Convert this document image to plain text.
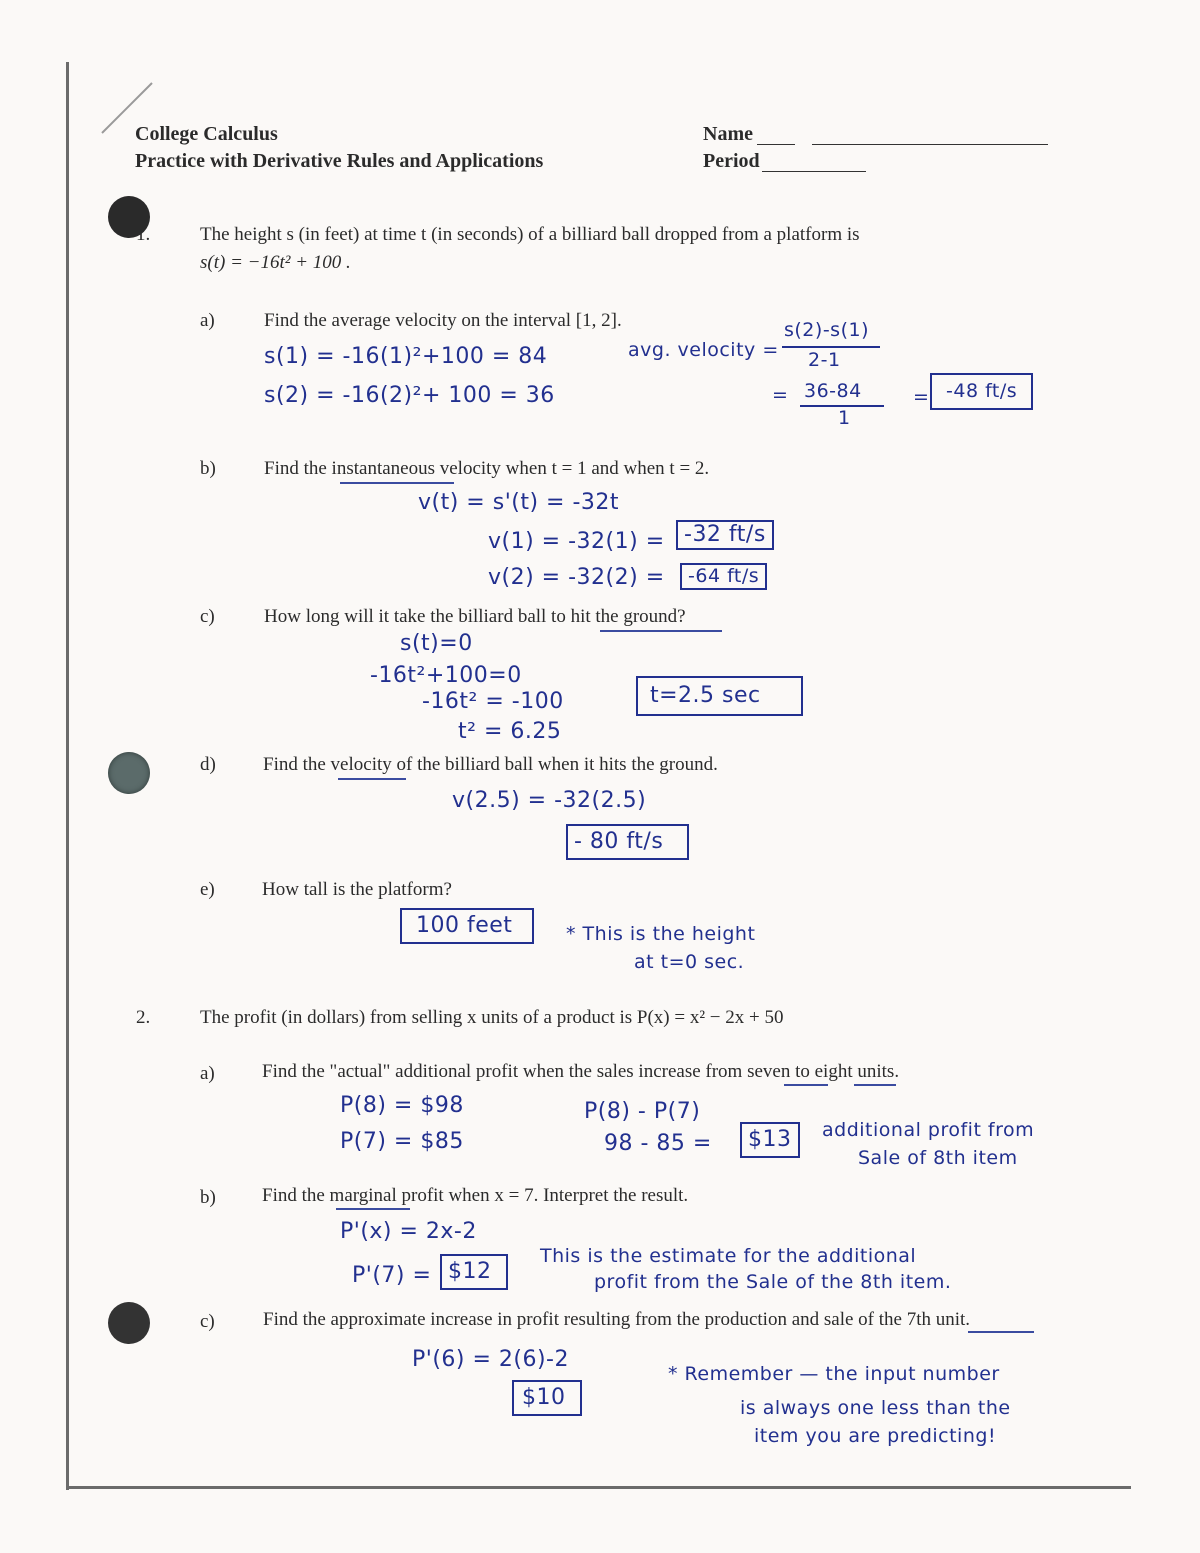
College Calculus
Practice with Derivative Rules and Applications
Name
Period
1.	The height s (in feet) at time t (in seconds) of a billiard ball dropped from a platform is
s(t) = −16t² + 100 .
a)	Find the average velocity on the interval [1, 2].
s(1) = -16(1)²+100 = 84
s(2) = -16(2)²+ 100 = 36
avg. velocity =
s(2)-s(1)
2-1
= 36-84
1
= -48 ft/s
b)	Find the instantaneous velocity when t = 1 and when t = 2.
v(t) = s'(t) = -32t
v(1) = -32(1) = -32 ft/s
v(2) = -32(2) =	-64 ft/s
c)	How long will it take the billiard ball to hit the ground?
s(t)=0
-16t²+100=0
-16t² = -100
t² = 6.25
t=2.5 sec
d) Find the velocity of the billiard ball when it hits the ground.
v(2.5) = -32(2.5)
- 80 ft/s
e) How tall is the platform?
100 feet	* This is the height
at t=0 sec.
2.	The profit (in dollars) from selling x units of a product is P(x) = x² − 2x + 50
a) Find the "actual" additional profit when the sales increase from seven to eight units.
P(8) = $98
P(7) = $85
P(8) - P(7)
98 - 85 =	$13	additional profit from
Sale of 8th item
b) Find the marginal profit when x = 7. Interpret the result.
P'(x) = 2x-2
P'(7) = $12
This is the estimate for the additional
profit from the Sale of the 8th item.
c)	Find the approximate increase in profit resulting from the production and sale of the 7th unit.
P'(6) = 2(6)-2
$10
* Remember — the input number
is always one less than the
item you are predicting!
